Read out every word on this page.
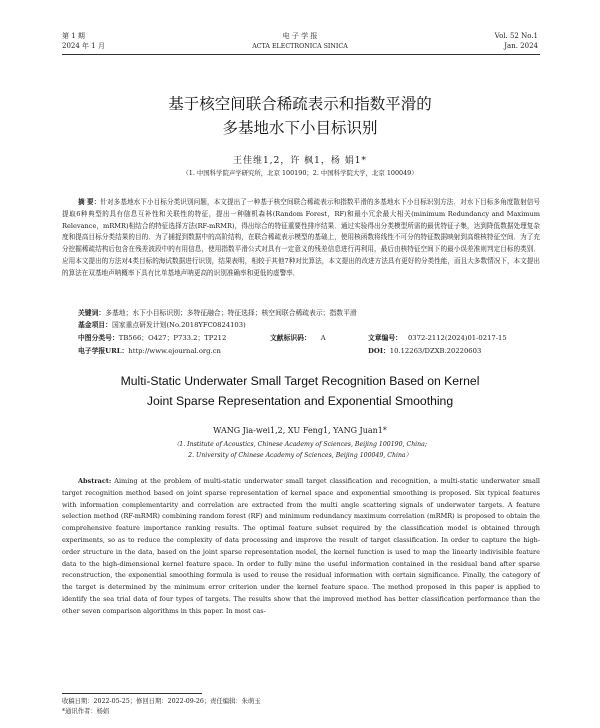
第 1 期
2024 年 1 月
电 子 学 报
ACTA ELECTRONICA SINICA
Vol. 52 No.1
Jan. 2024
基于核空间联合稀疏表示和指数平滑的
多基地水下小目标识别
王佳维1,2，许 枫1，杨 娟1*
（1. 中国科学院声学研究所，北京 100190；2. 中国科学院大学，北京 100049）
摘 要：针对多基地水下小目标分类识别问题，本文提出了一种基于核空间联合稀疏表示和指数平滑的多基地水下小目标识别方法．对水下目标多角度散射信号提取6种典型的具有信息互补性和关联性的特征，提出一种随机森林(Random Forest，RF)和最小冗余最大相关(minimum Redundancy and Maximum Relevance，mRMR)相结合的特征选择方法(RF-mRMR)，得出综合的特征重要性排序结果．通过实验得出分类模型所需的最优特征子集，达到降低数据处理复杂度和提高目标分类结果的目的．为了捕捉到数据中的高阶结构，在联合稀疏表示模型的基础上，使用核函数将线性不可分的特征数据映射到高维核特征空间．为了充分挖掘稀疏结构后包含在残差波段中的有用信息，使用指数平滑公式对具有一定意义的残差信息进行再利用，最后由核特征空间下的最小误差准则判定目标的类别．应用本文提出的方法对4类目标的海试数据进行识别，结果表明，相较于其他7种对比算法，本文提出的改进方法具有更好的分类性能，而且大多数情况下，本文提出的算法在双基地声呐概率下具有比单基地声呐更高的识别准确率和更低的虚警率．
关键词：多基地；水下小目标识别；多特征融合；特征选择；核空间联合稀疏表示；指数平滑
基金项目：国家重点研发计划(No.2018YFC0824103)
中图分类号：TB566；O427；P733.2；TP212	文献标识码： A	文章编号： 0372-2112(2024)01-0217-15
电子学报URL：http://www.ejournal.org.cn	DOI：10.12263/DZXB.20220603
Multi-Static Underwater Small Target Recognition Based on Kernel
Joint Sparse Representation and Exponential Smoothing
WANG Jia-wei1,2, XU Feng1, YANG Juan1*
（1. Institute of Acoustics, Chinese Academy of Sciences, Beijing 100190, China;
2. University of Chinese Academy of Sciences, Beijing 100049, China）
Abstract: Aiming at the problem of multi-static underwater small target classification and recognition, a multi-static underwater small target recognition method based on joint sparse representation of kernel space and exponential smoothing is proposed. Six typical features with information complementarity and correlation are extracted from the multi angle scattering signals of underwater targets. A feature selection method (RF-mRMR) combining random forest (RF) and minimum redundancy maximum correlation (mRMR) is proposed to obtain the comprehensive feature importance ranking results. The optimal feature subset required by the classification model is obtained through experiments, so as to reduce the complexity of data processing and improve the result of target classification. In order to capture the high-order structure in the data, based on the joint sparse representation model, the kernel function is used to map the linearly indivisible feature data to the high-dimensional kernel feature space. In order to fully mine the useful information contained in the residual band after sparse reconstruction, the exponential smoothing formula is used to reuse the residual information with certain significance. Finally, the category of the target is determined by the minimum error criterion under the kernel feature space. The method proposed in this paper is applied to identify the sea trial data of four types of targets. The results show that the improved method has better classification performance than the other seven comparison algorithms in this paper. In most cas-
收稿日期：2022-05-25；修回日期：2022-09-26；责任编辑：朱萌玉
*通讯作者：杨娟
